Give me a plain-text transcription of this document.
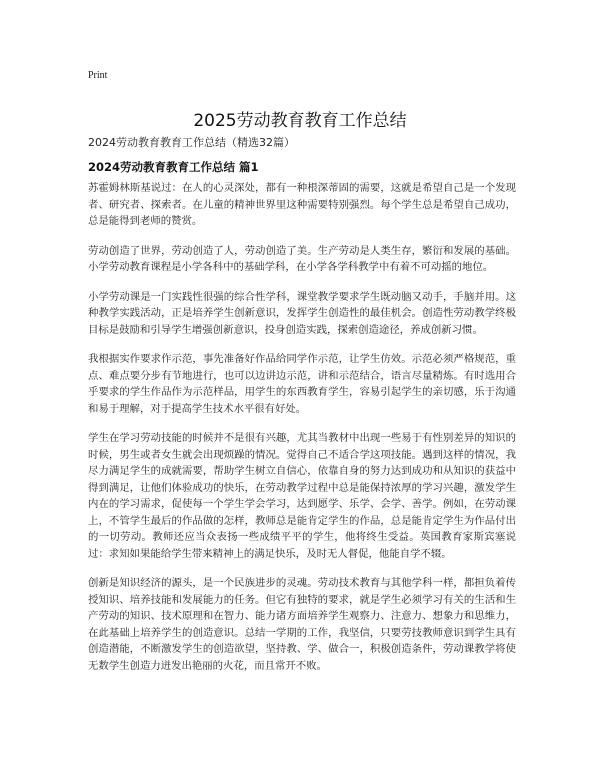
Print
2025劳动教育教育工作总结
2024劳动教育教育工作总结（精选32篇）
2024劳动教育教育工作总结 篇1

苏霍姆林斯基说过：在人的心灵深处，都有一种根深蒂固的需要，这就是希望自己是一个发现者、研究者、探索者。在儿童的精神世界里这种需要特别强烈。每个学生总是希望自己成功，总是能得到老师的赞赏。

劳动创造了世界，劳动创造了人，劳动创造了美。生产劳动是人类生存，繁衍和发展的基础。小学劳动教育课程是小学各科中的基础学科，在小学各学科教学中有着不可动摇的地位。

小学劳动课是一门实践性很强的综合性学科，课堂教学要求学生既动脑又动手，手脑并用。这种教学实践活动，正是培养学生创新意识，发挥学生创造性的最佳机会。创造性劳动教学终极目标是鼓励和引导学生增强创新意识，投身创造实践，探索创造途径，养成创新习惯。

我根据实作要求作示范，事先准备好作品给同学作示范，让学生仿效。示范必须严格规范，重点、难点要分步有节地进行，也可以边讲边示范，讲和示范结合，语言尽量精炼。有时选用合乎要求的学生作品作为示范样品，用学生的东西教育学生，容易引起学生的亲切感，乐于沟通和易于理解，对于提高学生技术水平很有好处。

学生在学习劳动技能的时候并不是很有兴趣，尤其当教材中出现一些易于有性别差异的知识的时候，男生或者女生就会出现烦躁的情况。觉得自己不适合学这项技能。遇到这样的情况，我尽力满足学生的成就需要，帮助学生树立自信心，依靠自身的努力达到成功和从知识的获益中得到满足，让他们体验成功的快乐，在劳动教学过程中总是能保持浓厚的学习兴趣，激发学生内在的学习需求，促使每一个学生学会学习，达到愿学、乐学、会学、善学。例如，在劳动课上，不管学生最后的作品做的怎样，教师总是能肯定学生的作品，总是能肯定学生为作品付出的一切劳动。教师还应当众表扬一些成绩平平的学生，他将终生受益。英国教育家斯宾塞说过：求知如果能给学生带来精神上的满足快乐，及时无人督促，他能自学不辍。

创新是知识经济的源头，是一个民族进步的灵魂。劳动技术教育与其他学科一样，都担负着传授知识、培养技能和发展能力的任务。但它有独特的要求，就是学生必须学习有关的生活和生产劳动的知识、技术原理和在智力、能力诸方面培养学生观察力、注意力、想象力和思维力，在此基础上培养学生的创造意识。总结一学期的工作，我坚信，只要劳技教师意识到学生具有创造潜能，不断激发学生的创造欲望，坚持教、学、做合一，积极创造条件，劳动课教学将使无数学生创造力迸发出艳丽的火花，而且常开不败。
